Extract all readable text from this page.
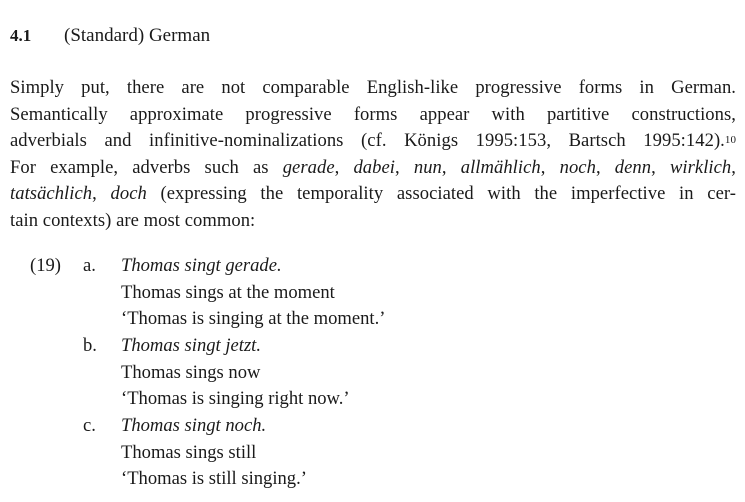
4.1 (Standard) German
Simply put, there are not comparable English-like progressive forms in German.
Semantically approximate progressive forms appear with partitive constructions,
adverbials and infinitive-nominalizations (cf. Königs 1995:153, Bartsch 1995:142).$^{10}$
For example, adverbs such as gerade, dabei, nun, allmählich, noch, denn, wirklich,
tatsächlich, doch (expressing the temporality associated with the imperfective in cer-
tain contexts) are most common:
(19) a. Thomas singt gerade.
Thomas sings at the moment
‘Thomas is singing at the moment.’
b. Thomas singt jetzt.
Thomas sings now
‘Thomas is singing right now.’
c. Thomas singt noch.
Thomas sings still
‘Thomas is still singing.’
